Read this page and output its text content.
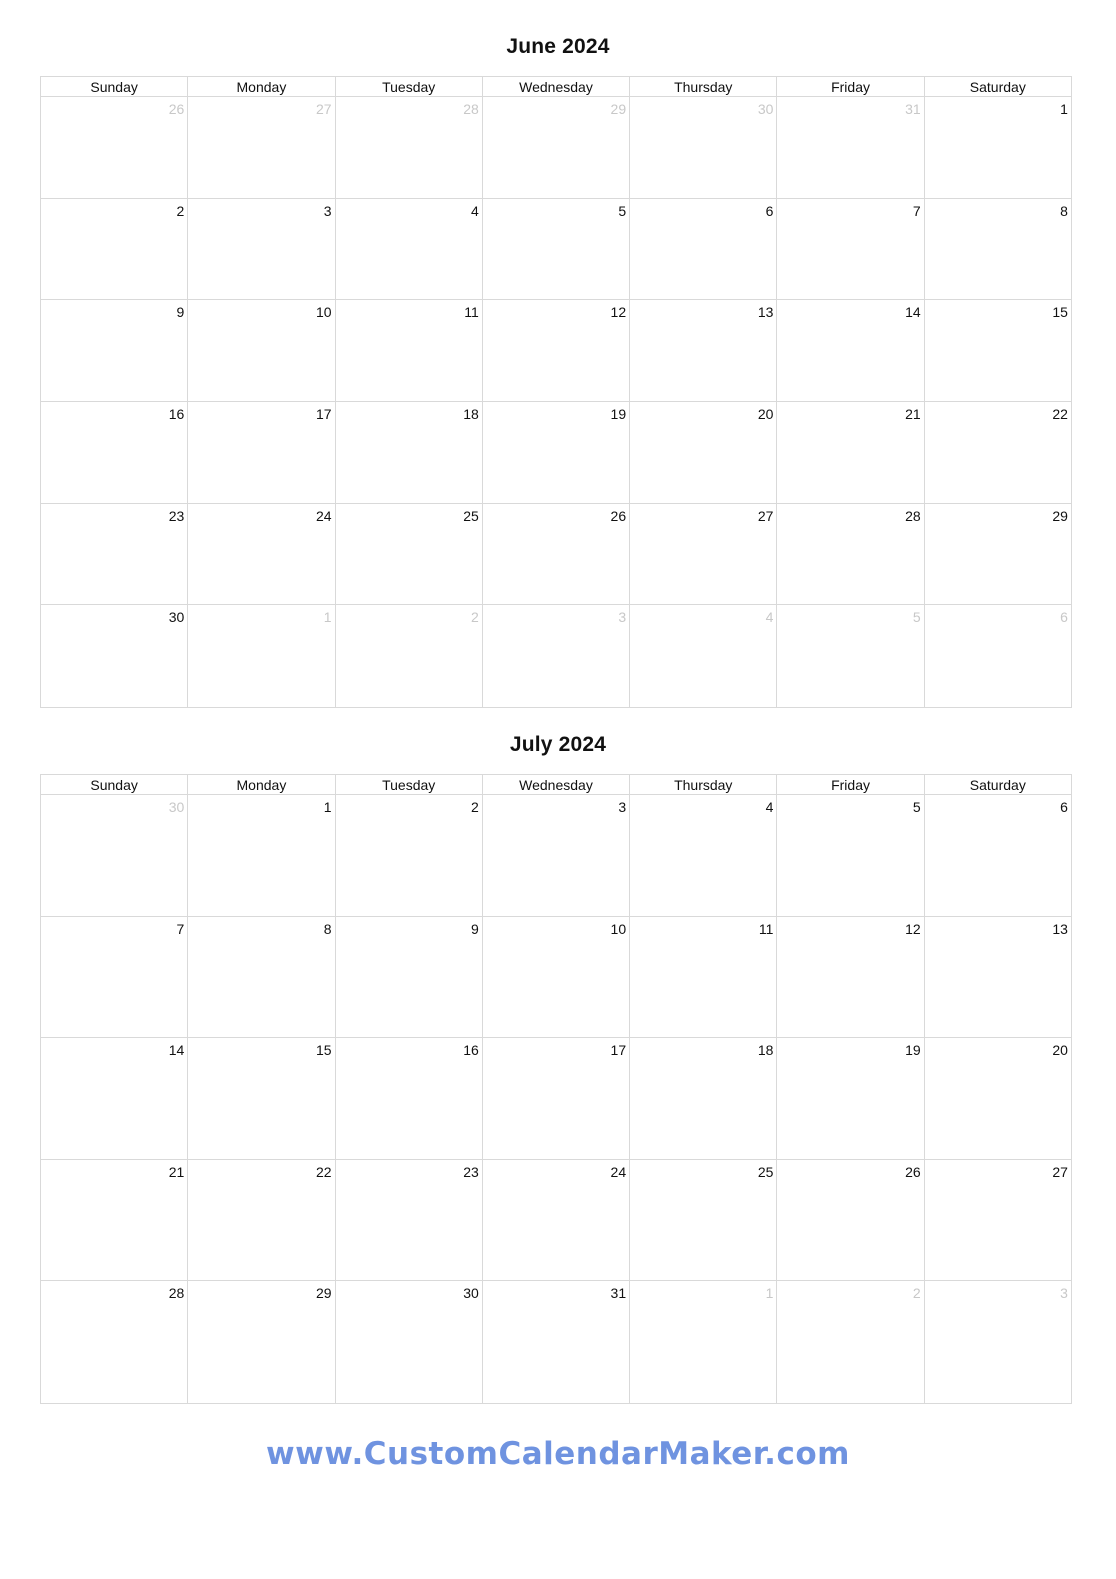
June 2024
Sunday	Monday	Tuesday	Wednesday	Thursday	Friday	Saturday
26	27	28	29	30	31	1
2	3	4	5	6	7	8
9	10	11	12	13	14	15
16	17	18	19	20	21	22
23	24	25	26	27	28	29
30	1	2	3	4	5	6
July 2024
Sunday	Monday	Tuesday	Wednesday	Thursday	Friday	Saturday
30	1	2	3	4	5	6
7	8	9	10	11	12	13
14	15	16	17	18	19	20
21	22	23	24	25	26	27
28	29	30	31	1	2	3
www.CustomCalendarMaker.com
